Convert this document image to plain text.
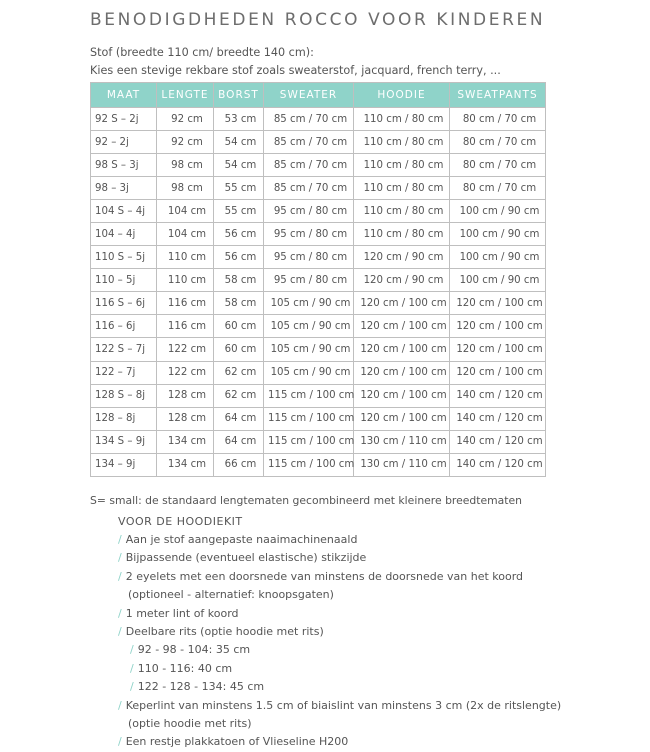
BENODIGDHEDEN ROCCO VOOR KINDEREN
Stof (breedte 110 cm/ breedte 140 cm):
Kies een stevige rekbare stof zoals sweaterstof, jacquard, french terry, ...
MAAT	LENGTE	BORST	SWEATER	HOODIE	SWEATPANTS
92 S – 2j	92 cm	53 cm	85 cm / 70 cm	110 cm / 80 cm	80 cm / 70 cm
92 – 2j	92 cm	54 cm	85 cm / 70 cm	110 cm / 80 cm	80 cm / 70 cm
98 S – 3j	98 cm	54 cm	85 cm / 70 cm	110 cm / 80 cm	80 cm / 70 cm
98 – 3j	98 cm	55 cm	85 cm / 70 cm	110 cm / 80 cm	80 cm / 70 cm
104 S – 4j	104 cm	55 cm	95 cm / 80 cm	110 cm / 80 cm	100 cm / 90 cm
104 – 4j	104 cm	56 cm	95 cm / 80 cm	110 cm / 80 cm	100 cm / 90 cm
110 S – 5j	110 cm	56 cm	95 cm / 80 cm	120 cm / 90 cm	100 cm / 90 cm
110 – 5j	110 cm	58 cm	95 cm / 80 cm	120 cm / 90 cm	100 cm / 90 cm
116 S – 6j	116 cm	58 cm	105 cm / 90 cm	120 cm / 100 cm	120 cm / 100 cm
116 – 6j	116 cm	60 cm	105 cm / 90 cm	120 cm / 100 cm	120 cm / 100 cm
122 S – 7j	122 cm	60 cm	105 cm / 90 cm	120 cm / 100 cm	120 cm / 100 cm
122 – 7j	122 cm	62 cm	105 cm / 90 cm	120 cm / 100 cm	120 cm / 100 cm
128 S – 8j	128 cm	62 cm	115 cm / 100 cm	120 cm / 100 cm	140 cm / 120 cm
128 – 8j	128 cm	64 cm	115 cm / 100 cm	120 cm / 100 cm	140 cm / 120 cm
134 S – 9j	134 cm	64 cm	115 cm / 100 cm	130 cm / 110 cm	140 cm / 120 cm
134 – 9j	134 cm	66 cm	115 cm / 100 cm	130 cm / 110 cm	140 cm / 120 cm
S= small: de standaard lengtematen gecombineerd met kleinere breedtematen
VOOR DE HOODIEKIT
/ Aan je stof aangepaste naaimachinenaald
/ Bijpassende (eventueel elastische) stikzijde
/ 2 eyelets met een doorsnede van minstens de doorsnede van het koord
(optioneel - alternatief: knoopsgaten)
/ 1 meter lint of koord
/ Deelbare rits (optie hoodie met rits)
/ 92 - 98 - 104: 35 cm
/ 110 - 116: 40 cm
/ 122 - 128 - 134: 45 cm
/ Keperlint van minstens 1.5 cm of biaislint van minstens 3 cm (2x de ritslengte)
(optie hoodie met rits)
/ Een restje plakkatoen of Vlieseline H200
